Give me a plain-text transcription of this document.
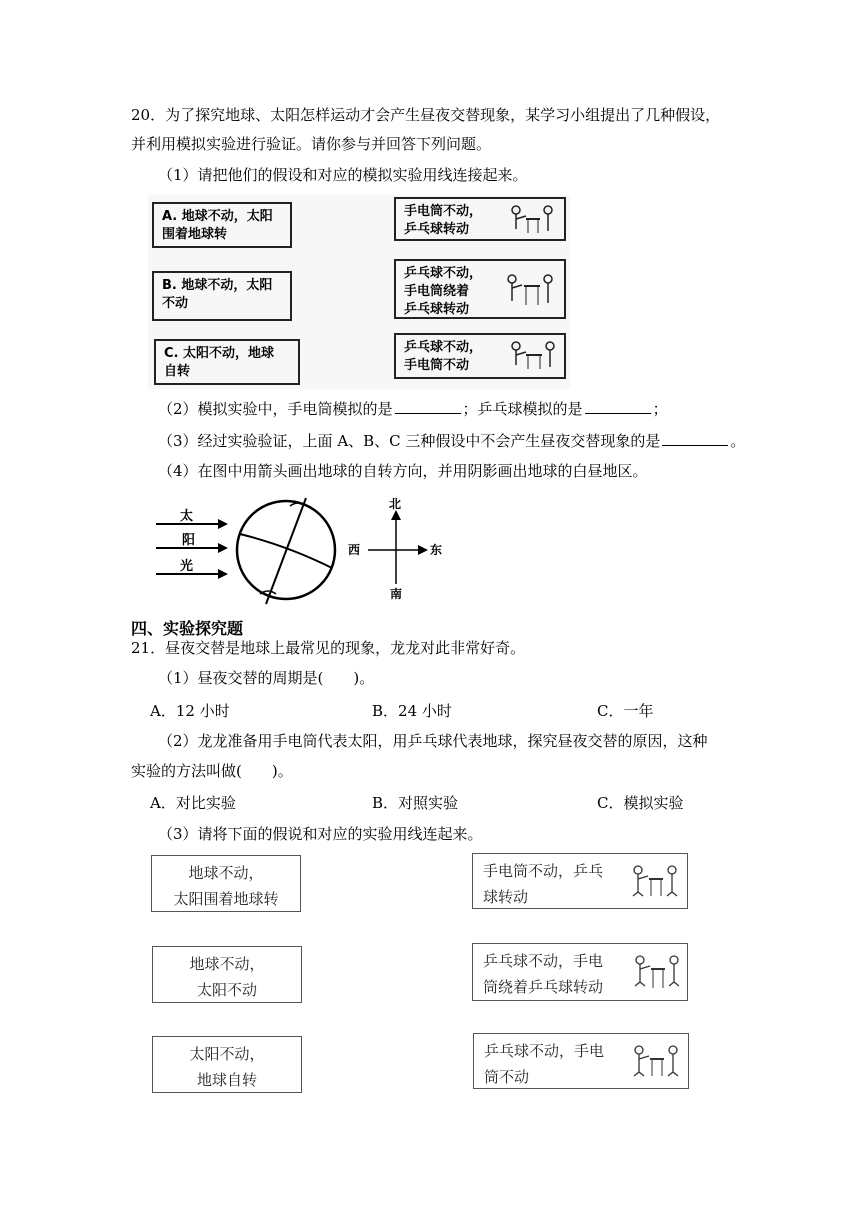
20．为了探究地球、太阳怎样运动才会产生昼夜交替现象，某学习小组提出了几种假设，
并利用模拟实验进行验证。请你参与并回答下列问题。
（1）请把他们的假设和对应的模拟实验用线连接起来。
A. 地球不动，太阳
围着地球转
B. 地球不动，太阳
不动
C. 太阳不动，地球
自转
手电筒不动，
乒乓球转动
乒乓球不动，
手电筒绕着
乒乓球转动
乒乓球不动，
手电筒不动
（2）模拟实验中，手电筒模拟的是	；乒乓球模拟的是	；
（3）经过实验验证，上面 A、B、C 三种假设中不会产生昼夜交替现象的是	。
（4）在图中用箭头画出地球的自转方向，并用阴影画出地球的白昼地区。
太
阳
光
北
南
东
西
四、实验探究题
21．昼夜交替是地球上最常见的现象，龙龙对此非常好奇。
（1）昼夜交替的周期是(　　)。
A．12 小时	B．24 小时	C．一年
（2）龙龙准备用手电筒代表太阳，用乒乓球代表地球，探究昼夜交替的原因，这种
实验的方法叫做(　　)。
A．对比实验	B．对照实验	C．模拟实验
（3）请将下面的假说和对应的实验用线连起来。
地球不动，
太阳围着地球转
地球不动，
太阳不动
太阳不动，
地球自转
手电筒不动，乒乓
球转动
乒乓球不动，手电
筒绕着乒乓球转动
乒乓球不动，手电
筒不动
